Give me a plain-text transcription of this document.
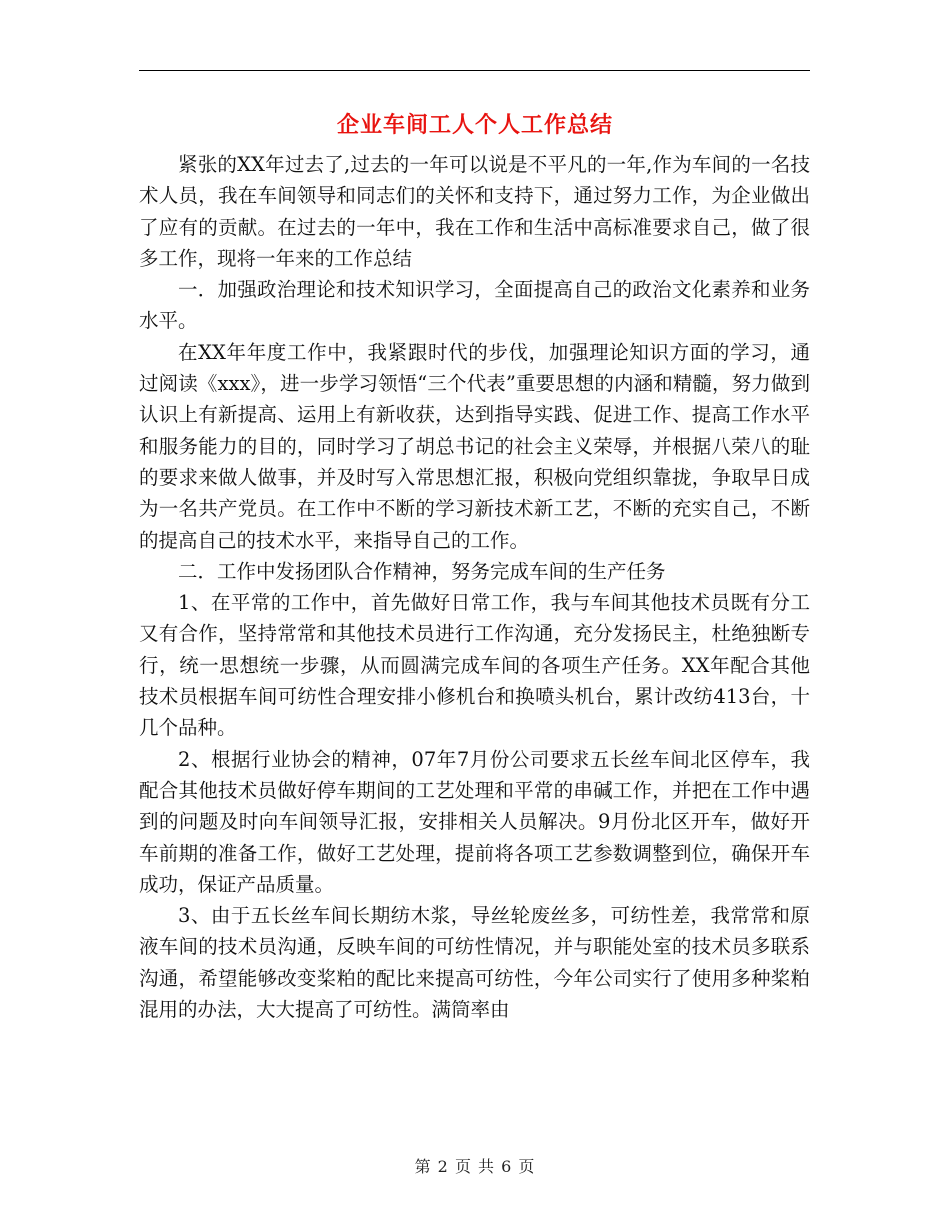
企业车间工人个人工作总结

紧张的XX年过去了,过去的一年可以说是不平凡的一年,作为车间的一名技术人员，我在车间领导和同志们的关怀和支持下，通过努力工作，为企业做出了应有的贡献。在过去的一年中，我在工作和生活中高标准要求自己，做了很多工作，现将一年来的工作总结

一．加强政治理论和技术知识学习，全面提高自己的政治文化素养和业务水平。

在XX年年度工作中，我紧跟时代的步伐，加强理论知识方面的学习，通过阅读《xxx》，进一步学习领悟“三个代表”重要思想的内涵和精髓，努力做到认识上有新提高、运用上有新收获，达到指导实践、促进工作、提高工作水平和服务能力的目的，同时学习了胡总书记的社会主义荣辱，并根据八荣八的耻的要求来做人做事，并及时写入常思想汇报，积极向党组织靠拢，争取早日成为一名共产党员。在工作中不断的学习新技术新工艺，不断的充实自己，不断的提高自己的技术水平，来指导自己的工作。

二．工作中发扬团队合作精神，努务完成车间的生产任务

1、在平常的工作中，首先做好日常工作，我与车间其他技术员既有分工又有合作，坚持常常和其他技术员进行工作沟通，充分发扬民主，杜绝独断专行，统一思想统一步骤，从而圆满完成车间的各项生产任务。XX年配合其他技术员根据车间可纺性合理安排小修机台和换喷头机台，累计改纺413台，十几个品种。

2、根据行业协会的精神，07年7月份公司要求五长丝车间北区停车，我配合其他技术员做好停车期间的工艺处理和平常的串碱工作，并把在工作中遇到的问题及时向车间领导汇报，安排相关人员解决。9月份北区开车，做好开车前期的准备工作，做好工艺处理，提前将各项工艺参数调整到位，确保开车成功，保证产品质量。

3、由于五长丝车间长期纺木浆，导丝轮废丝多，可纺性差，我常常和原液车间的技术员沟通，反映车间的可纺性情况，并与职能处室的技术员多联系沟通，希望能够改变桨粕的配比来提高可纺性，今年公司实行了使用多种桨粕混用的办法，大大提高了可纺性。满筒率由

第 2 页 共 6 页
